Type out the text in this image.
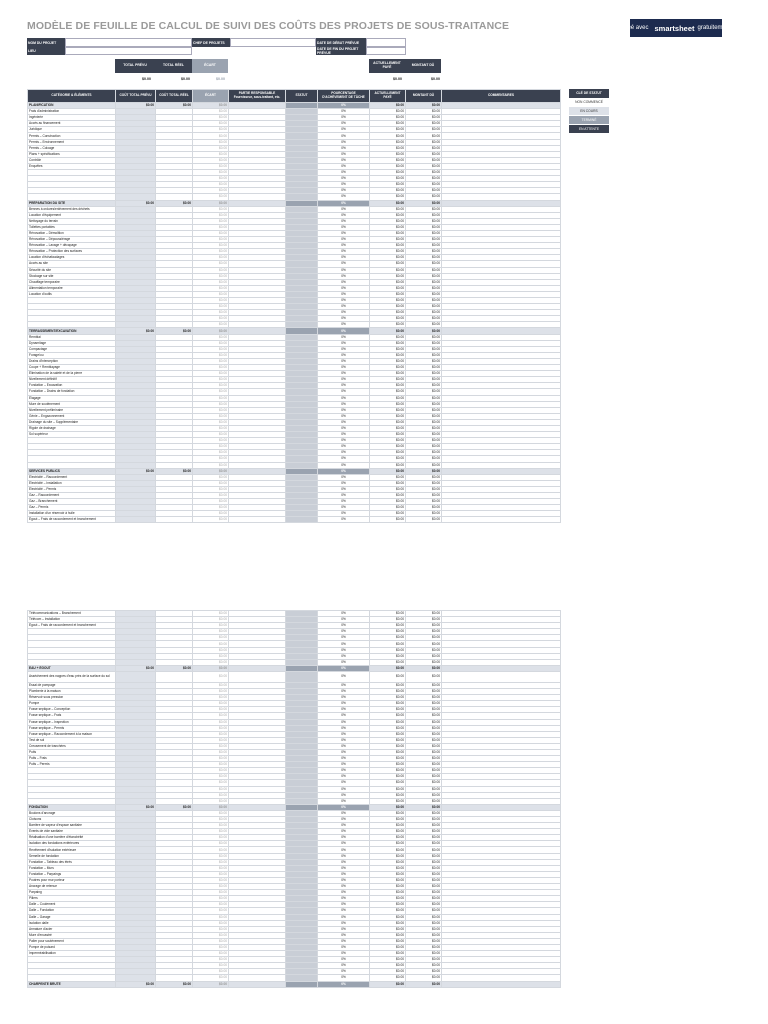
MODÈLE DE FEUILLE DE CALCUL DE SUIVI DES COÛTS DES PROJETS DE SOUS-TRAITANCE	Créé avec smartsheet gratuitement
NOM DU PROJET
LIEU
CHEF DE PROJETS	DATE DE DÉBUT PRÉVUE
DATE DE FIN DU PROJET PRÉVUE
TOTAL PRÉVU	TOTAL RÉEL	ÉCART	ACTUELLEMENT PAYÉ	MONTANT DÛ
$0.00	$0.00	$0.00	$0.00	$0.00
CLÉ DE STATUT
NON COMMENCÉ
EN COURS
TERMINÉ
EN ATTENTE
CATÉGORIE & ÉLÉMENTS	COÛT TOTAL PRÉVU	COÛT TOTAL RÉEL	ÉCART	PARTIE RESPONSABLE Fournisseur, sous-traitant, etc.	STATUT	POURCENTAGE D'ACHÈVEMENT DE TÂCHE	ACTUELLEMENT PAYÉ	MONTANT DÛ	COMMENTAIRES
PLANIFICATION	$0.00	$0.00	$0.00			0%	$0.00	$0.00	
Frais d'administration			$0.00			0%	$0.00	$0.00	
Ingénierie			$0.00			0%	$0.00	$0.00	
Accès au financement			$0.00			0%	$0.00	$0.00	
Juridique			$0.00			0%	$0.00	$0.00	
Permis – Construction			$0.00			0%	$0.00	$0.00	
Permis – Environnement			$0.00			0%	$0.00	$0.00	
Permis – Coloage			$0.00			0%	$0.00	$0.00	
Plans + spécifications			$0.00			0%	$0.00	$0.00	
Contrôle			$0.00			0%	$0.00	$0.00	
Enquêtes			$0.00			0%	$0.00	$0.00	
			$0.00			0%	$0.00	$0.00	
			$0.00			0%	$0.00	$0.00	
			$0.00			0%	$0.00	$0.00	
			$0.00			0%	$0.00	$0.00	
			$0.00			0%	$0.00	$0.00	
PRÉPARATION DU SITE	$0.00	$0.00	$0.00			0%	$0.00	$0.00	
Bennes à ordures/enlèvement des déchets			$0.00			0%	$0.00	$0.00	
Location d'équipement			$0.00			0%	$0.00	$0.00	
Nettoyage du terrain			$0.00			0%	$0.00	$0.00	
Toilettes portables			$0.00			0%	$0.00	$0.00	
Rénovation – Démolition			$0.00			0%	$0.00	$0.00	
Rénovation – Dépoussiérage			$0.00			0%	$0.00	$0.00	
Rénovation – Lavage + décapage			$0.00			0%	$0.00	$0.00	
Rénovation – Protection des surfaces			$0.00			0%	$0.00	$0.00	
Location d'échafaudages			$0.00			0%	$0.00	$0.00	
Accès au site			$0.00			0%	$0.00	$0.00	
Sécurité du site			$0.00			0%	$0.00	$0.00	
Stockage sur site			$0.00			0%	$0.00	$0.00	
Chauffage temporaire			$0.00			0%	$0.00	$0.00	
Alimentation temporaire			$0.00			0%	$0.00	$0.00	
Location d'outils			$0.00			0%	$0.00	$0.00	
			$0.00			0%	$0.00	$0.00	
			$0.00			0%	$0.00	$0.00	
			$0.00			0%	$0.00	$0.00	
			$0.00			0%	$0.00	$0.00	
			$0.00			0%	$0.00	$0.00	
TERRASSEMENT/EXCAVATION	$0.00	$0.00	$0.00			0%	$0.00	$0.00	
Remblai			$0.00			0%	$0.00	$0.00	
Dynamitage			$0.00			0%	$0.00	$0.00	
Compactage			$0.00			0%	$0.00	$0.00	
Forage/ou			$0.00			0%	$0.00	$0.00	
Drains d'interception			$0.00			0%	$0.00	$0.00	
Coupe + Remblayage			$0.00			0%	$0.00	$0.00	
Élimination de la saleté et de la pierre			$0.00			0%	$0.00	$0.00	
Nivellement définitif			$0.00			0%	$0.00	$0.00	
Fondation – Excavation			$0.00			0%	$0.00	$0.00	
Fondation – Drains de fondation			$0.00			0%	$0.00	$0.00	
Élagage			$0.00			0%	$0.00	$0.00	
Mure de soutènement			$0.00			0%	$0.00	$0.00	
Nivellement préliminaire			$0.00			0%	$0.00	$0.00	
Génie – Engazonnement			$0.00			0%	$0.00	$0.00	
Drainage du site – Supplémentaire			$0.00			0%	$0.00	$0.00	
Rigole de drainage			$0.00			0%	$0.00	$0.00	
Sol supérieur			$0.00			0%	$0.00	$0.00	
			$0.00			0%	$0.00	$0.00	
			$0.00			0%	$0.00	$0.00	
			$0.00			0%	$0.00	$0.00	
			$0.00			0%	$0.00	$0.00	
			$0.00			0%	$0.00	$0.00	
SERVICES PUBLICS	$0.00	$0.00	$0.00			0%	$0.00	$0.00	
Électricité – Raccordement			$0.00			0%	$0.00	$0.00	
Électricité – Installation			$0.00			0%	$0.00	$0.00	
Électricité – Permis			$0.00			0%	$0.00	$0.00	
Gaz – Raccordement			$0.00			0%	$0.00	$0.00	
Gaz – Branchement			$0.00			0%	$0.00	$0.00	
Gaz – Permis			$0.00			0%	$0.00	$0.00	
Installation d'un réservoir à huile			$0.00			0%	$0.00	$0.00	
Égout – Frais de raccordement et branchement			$0.00			0%	$0.00	$0.00	
Télécommunications – Branchement			$0.00			0%	$0.00	$0.00	
Télécom – Installation			$0.00			0%	$0.00	$0.00	
Égout – Frais de raccordement et branchement			$0.00			0%	$0.00	$0.00	
			$0.00			0%	$0.00	$0.00	
			$0.00			0%	$0.00	$0.00	
			$0.00			0%	$0.00	$0.00	
			$0.00			0%	$0.00	$0.00	
			$0.00			0%	$0.00	$0.00	
			$0.00			0%	$0.00	$0.00	
EAU + ÉGOUT	$0.00	$0.00	$0.00			0%	$0.00	$0.00	
Assèchement des nappes d'eau près de la surface du sol			$0.00			0%	$0.00	$0.00	
Essai de pompage			$0.00			0%	$0.00	$0.00	
Plomberie à la maison			$0.00			0%	$0.00	$0.00	
Réservoir sous pression			$0.00			0%	$0.00	$0.00	
Pompe			$0.00			0%	$0.00	$0.00	
Fosse septique – Conception			$0.00			0%	$0.00	$0.00	
Fosse septique – Frais			$0.00			0%	$0.00	$0.00	
Fosse septique – Inspection			$0.00			0%	$0.00	$0.00	
Fosse septique – Permis			$0.00			0%	$0.00	$0.00	
Fosse septique – Raccordement à la maison			$0.00			0%	$0.00	$0.00	
Test de sol			$0.00			0%	$0.00	$0.00	
Creusement de tranchées			$0.00			0%	$0.00	$0.00	
Puits			$0.00			0%	$0.00	$0.00	
Puits – Frais			$0.00			0%	$0.00	$0.00	
Puits – Permis			$0.00			0%	$0.00	$0.00	
			$0.00			0%	$0.00	$0.00	
			$0.00			0%	$0.00	$0.00	
			$0.00			0%	$0.00	$0.00	
			$0.00			0%	$0.00	$0.00	
			$0.00			0%	$0.00	$0.00	
			$0.00			0%	$0.00	$0.00	
FONDATION	$0.00	$0.00	$0.00			0%	$0.00	$0.00	
Boulons d'ancrage			$0.00			0%	$0.00	$0.00	
Cloisons			$0.00			0%	$0.00	$0.00	
Barrière de vapeur d'espace sanitaire			$0.00			0%	$0.00	$0.00	
Évents de vide sanitaire			$0.00			0%	$0.00	$0.00	
Réalisation d'une barrière d'étanchéité			$0.00			0%	$0.00	$0.00	
Isolation des fondations extérieures			$0.00			0%	$0.00	$0.00	
Revêtement d'isolation extérieure			$0.00			0%	$0.00	$0.00	
Semelle de fondation			$0.00			0%	$0.00	$0.00	
Fondation – Tableau des étrés			$0.00			0%	$0.00	$0.00	
Fondation – Murs			$0.00			0%	$0.00	$0.00	
Fondation – Parpaings			$0.00			0%	$0.00	$0.00	
Poutres pour mur porteur			$0.00			0%	$0.00	$0.00	
Ancrage de retenue			$0.00			0%	$0.00	$0.00	
Parpaing			$0.00			0%	$0.00	$0.00	
Piliers			$0.00			0%	$0.00	$0.00	
Dalle – Coulement			$0.00			0%	$0.00	$0.00	
Dalle – Fondation			$0.00			0%	$0.00	$0.00	
Dalle – Garage			$0.00			0%	$0.00	$0.00	
Isolation dalle			$0.00			0%	$0.00	$0.00	
Armature d'acier			$0.00			0%	$0.00	$0.00	
Mure d'encastré			$0.00			0%	$0.00	$0.00	
Palier pour soutènement			$0.00			0%	$0.00	$0.00	
Pompe de puisard			$0.00			0%	$0.00	$0.00	
Imperméabilisation			$0.00			0%	$0.00	$0.00	
			$0.00			0%	$0.00	$0.00	
			$0.00			0%	$0.00	$0.00	
			$0.00			0%	$0.00	$0.00	
			$0.00			0%	$0.00	$0.00	
CHARPENTE BRUTE	$0.00	$0.00	$0.00			0%	$0.00	$0.00	
